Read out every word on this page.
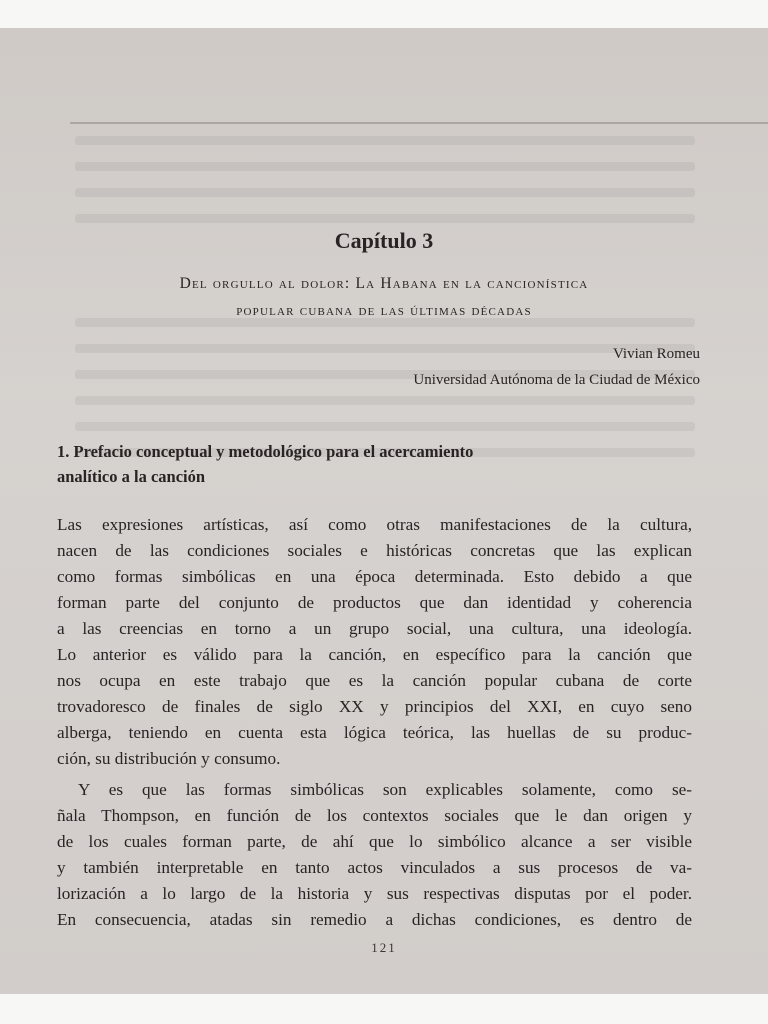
Capítulo 3
Del orgullo al dolor: La Habana en la cancionística
popular cubana de las últimas décadas
Vivian Romeu
Universidad Autónoma de la Ciudad de México
1. Prefacio conceptual y metodológico para el acercamiento
analítico a la canción
Las expresiones artísticas, así como otras manifestaciones de la cultura,
nacen de las condiciones sociales e históricas concretas que las explican
como formas simbólicas en una época determinada. Esto debido a que
forman parte del conjunto de productos que dan identidad y coherencia
a las creencias en torno a un grupo social, una cultura, una ideología.
Lo anterior es válido para la canción, en específico para la canción que
nos ocupa en este trabajo que es la canción popular cubana de corte
trovadoresco de finales de siglo XX y principios del XXI, en cuyo seno
alberga, teniendo en cuenta esta lógica teórica, las huellas de su produc-
ción, su distribución y consumo.
Y es que las formas simbólicas son explicables solamente, como se-
ñala Thompson, en función de los contextos sociales que le dan origen y
de los cuales forman parte, de ahí que lo simbólico alcance a ser visible
y también interpretable en tanto actos vinculados a sus procesos de va-
lorización a lo largo de la historia y sus respectivas disputas por el poder.
En consecuencia, atadas sin remedio a dichas condiciones, es dentro de
121
